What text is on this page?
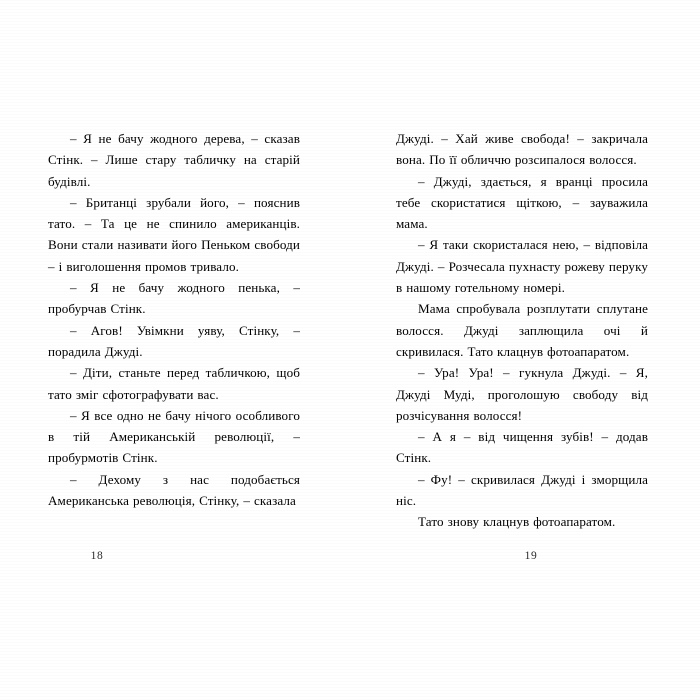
– Я не бачу жодного дерева, – сказав Стінк. – Лише стару табличку на старій будівлі.

– Британці зрубали його, – пояснив тато. – Та це не спинило американців. Вони стали називати його Пеньком свободи – і виголошення промов тривало.

– Я не бачу жодного пенька, – пробурчав Стінк.

– Агов! Увімкни уяву, Стінку, – порадила Джуді.

– Діти, станьте перед табличкою, щоб тато зміг сфотографувати вас.

– Я все одно не бачу нічого особливого в тій Американській революції, – пробурмотів Стінк.

– Дехому з нас подобається Американська революція, Стінку, – сказала

18

Джуді. – Хай живе свобода! – закричала вона. По її обличчю розсипалося волосся.

– Джуді, здається, я вранці просила тебе скористатися щіткою, – зауважила мама.

– Я таки скористалася нею, – відповіла Джуді. – Розчесала пухнасту рожеву перуку в нашому готельному номері.

Мама спробувала розплутати сплутане волосся. Джуді заплющила очі й скривилася. Тато клацнув фотоапаратом.

– Ура! Ура! – гукнула Джуді. – Я, Джуді Муді, проголошую свободу від розчісування волосся!

– А я – від чищення зубів! – додав Стінк.

– Фу! – скривилася Джуді і зморщила ніс.

Тато знову клацнув фотоапаратом.

19
